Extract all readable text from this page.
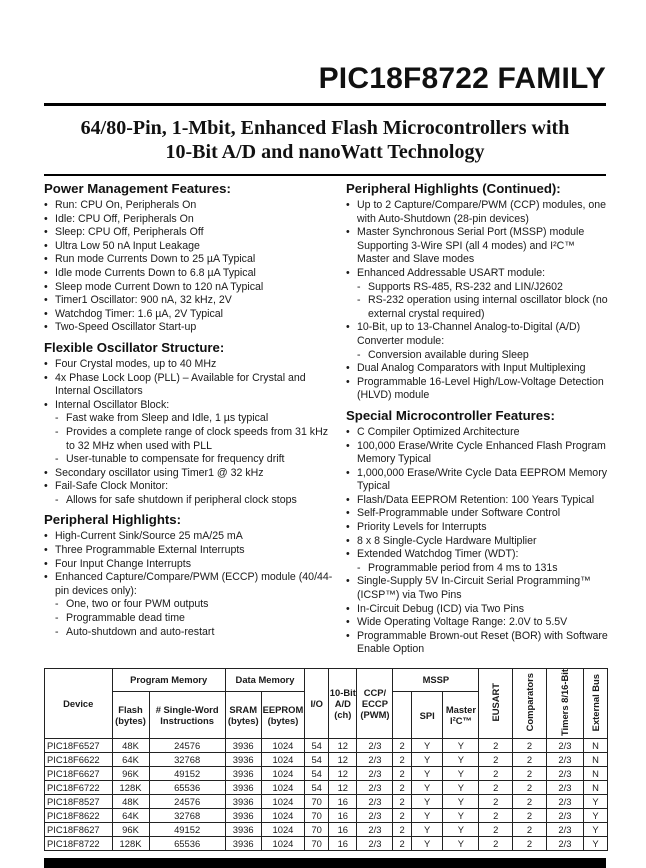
PIC18F8722 FAMILY
64/80-Pin, 1-Mbit, Enhanced Flash Microcontrollers with
10-Bit A/D and nanoWatt Technology
Power Management Features:
• Run: CPU On, Peripherals On
• Idle: CPU Off, Peripherals On
• Sleep: CPU Off, Peripherals Off
• Ultra Low 50 nA Input Leakage
• Run mode Currents Down to 25 µA Typical
• Idle mode Currents Down to 6.8 µA Typical
• Sleep mode Current Down to 120 nA Typical
• Timer1 Oscillator: 900 nA, 32 kHz, 2V
• Watchdog Timer: 1.6 µA, 2V Typical
• Two-Speed Oscillator Start-up
Flexible Oscillator Structure:
• Four Crystal modes, up to 40 MHz
• 4x Phase Lock Loop (PLL) – Available for Crystal and Internal Oscillators
• Internal Oscillator Block:
- Fast wake from Sleep and Idle, 1 µs typical
- Provides a complete range of clock speeds from 31 kHz to 32 MHz when used with PLL
- User-tunable to compensate for frequency drift
• Secondary oscillator using Timer1 @ 32 kHz
• Fail-Safe Clock Monitor:
- Allows for safe shutdown if peripheral clock stops
Peripheral Highlights:
• High-Current Sink/Source 25 mA/25 mA
• Three Programmable External Interrupts
• Four Input Change Interrupts
• Enhanced Capture/Compare/PWM (ECCP) module (40/44-pin devices only):
- One, two or four PWM outputs
- Programmable dead time
- Auto-shutdown and auto-restart
Peripheral Highlights (Continued):
• Up to 2 Capture/Compare/PWM (CCP) modules, one with Auto-Shutdown (28-pin devices)
• Master Synchronous Serial Port (MSSP) module Supporting 3-Wire SPI (all 4 modes) and I²C™ Master and Slave modes
• Enhanced Addressable USART module:
- Supports RS-485, RS-232 and LIN/J2602
- RS-232 operation using internal oscillator block (no external crystal required)
• 10-Bit, up to 13-Channel Analog-to-Digital (A/D) Converter module:
- Conversion available during Sleep
• Dual Analog Comparators with Input Multiplexing
• Programmable 16-Level High/Low-Voltage Detection (HLVD) module
Special Microcontroller Features:
• C Compiler Optimized Architecture
• 100,000 Erase/Write Cycle Enhanced Flash Program Memory Typical
• 1,000,000 Erase/Write Cycle Data EEPROM Memory Typical
• Flash/Data EEPROM Retention: 100 Years Typical
• Self-Programmable under Software Control
• Priority Levels for Interrupts
• 8 x 8 Single-Cycle Hardware Multiplier
• Extended Watchdog Timer (WDT):
- Programmable period from 4 ms to 131s
• Single-Supply 5V In-Circuit Serial Programming™ (ICSP™) via Two Pins
• In-Circuit Debug (ICD) via Two Pins
• Wide Operating Voltage Range: 2.0V to 5.5V
• Programmable Brown-out Reset (BOR) with Software Enable Option
Device	Program Memory		Data Memory		I/O	10-Bit A/D (ch)	CCP/ ECCP (PWM)	MSSP			EUSART	Comparators	Timers 8/16-Bit	External Bus
	Flash (bytes)	# Single-Word Instructions	SRAM (bytes)	EEPROM (bytes)					SPI	Master I²C™				
PIC18F6527	48K	24576	3936	1024	54	12	2/3	2	Y	Y	2	2	2/3	N
PIC18F6622	64K	32768	3936	1024	54	12	2/3	2	Y	Y	2	2	2/3	N
PIC18F6627	96K	49152	3936	1024	54	12	2/3	2	Y	Y	2	2	2/3	N
PIC18F6722	128K	65536	3936	1024	54	12	2/3	2	Y	Y	2	2	2/3	N
PIC18F8527	48K	24576	3936	1024	70	16	2/3	2	Y	Y	2	2	2/3	Y
PIC18F8622	64K	32768	3936	1024	70	16	2/3	2	Y	Y	2	2	2/3	Y
PIC18F8627	96K	49152	3936	1024	70	16	2/3	2	Y	Y	2	2	2/3	Y
PIC18F8722	128K	65536	3936	1024	70	16	2/3	2	Y	Y	2	2	2/3	Y
